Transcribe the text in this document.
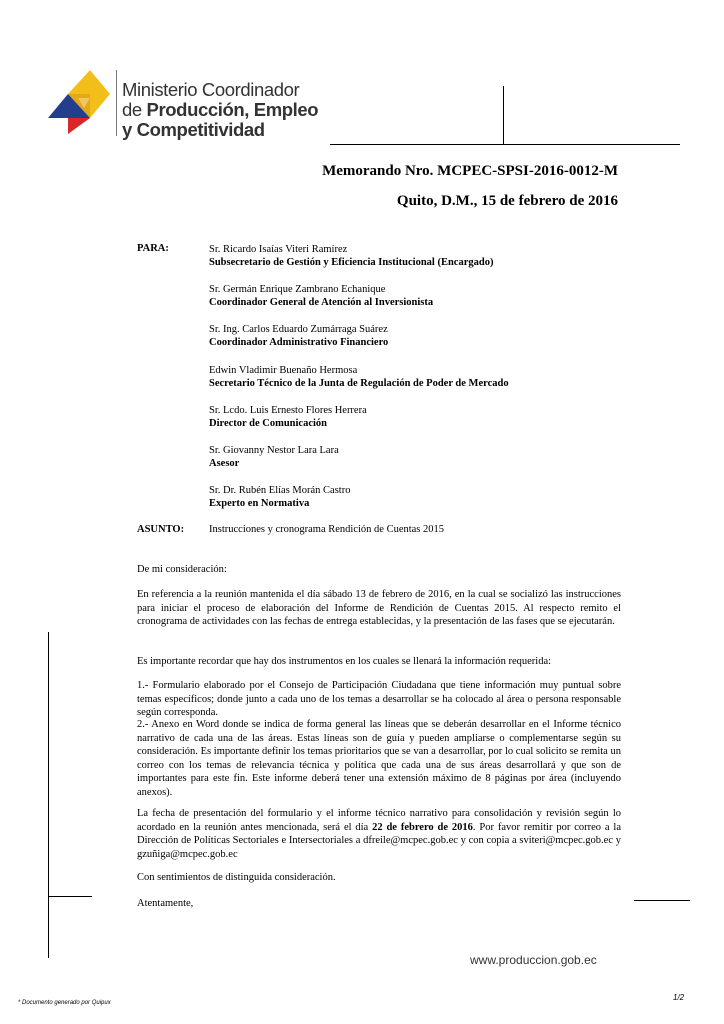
Ministerio Coordinador
de Producción, Empleo
y Competitividad
Memorando Nro. MCPEC-SPSI-2016-0012-M
Quito, D.M., 15 de febrero de 2016
PARA:	Sr. Ricardo Isaías Viteri Ramírez
Subsecretario de Gestión y Eficiencia Institucional (Encargado)
Sr. Germán Enrique Zambrano Echanique
Coordinador General de Atención al Inversionista
Sr. Ing. Carlos Eduardo Zumárraga Suárez
Coordinador Administrativo Financiero
Edwin Vladimir Buenaño Hermosa
Secretario Técnico de la Junta de Regulación de Poder de Mercado
Sr. Lcdo. Luis Ernesto Flores Herrera
Director de Comunicación
Sr. Giovanny Nestor Lara Lara
Asesor
Sr. Dr. Rubén Elías Morán Castro
Experto en Normativa
ASUNTO: Instrucciones y cronograma Rendición de Cuentas 2015
De mi consideración:
En referencia a la reunión mantenida el día sábado 13 de febrero de 2016, en la cual se socializó las instrucciones para iniciar el proceso de elaboración del Informe de Rendición de Cuentas 2015. Al respecto remito el cronograma de actividades con las fechas de entrega establecidas, y la presentación de las fases que se ejecutarán.
Es importante recordar que hay dos instrumentos en los cuales se llenará la información requerida:
1.- Formulario elaborado por el Consejo de Participación Ciudadana que tiene información muy puntual sobre temas específicos; donde junto a cada uno de los temas a desarrollar se ha colocado al área o persona responsable según corresponda.
2.- Anexo en Word donde se indica de forma general las líneas que se deberán desarrollar en el Informe técnico narrativo de cada una de las áreas. Estas líneas son de guía y pueden ampliarse o complementarse según su consideración. Es importante definir los temas prioritarios que se van a desarrollar, por lo cual solicito se remita un correo con los temas de relevancia técnica y política que cada una de sus áreas desarrollará y que son de importantes para este fin. Este informe deberá tener una extensión máximo de 8 páginas por área (incluyendo anexos).
La fecha de presentación del formulario y el informe técnico narrativo para consolidación y revisión según lo acordado en la reunión antes mencionada, será el día 22 de febrero de 2016. Por favor remitir por correo a la Dirección de Políticas Sectoriales e Intersectoriales a dfreile@mcpec.gob.ec y con copia a sviteri@mcpec.gob.ec y gzuñiga@mcpec.gob.ec
Con sentimientos de distinguida consideración.
Atentamente,
www.produccion.gob.ec
* Documento generado por Quipux
1/2
